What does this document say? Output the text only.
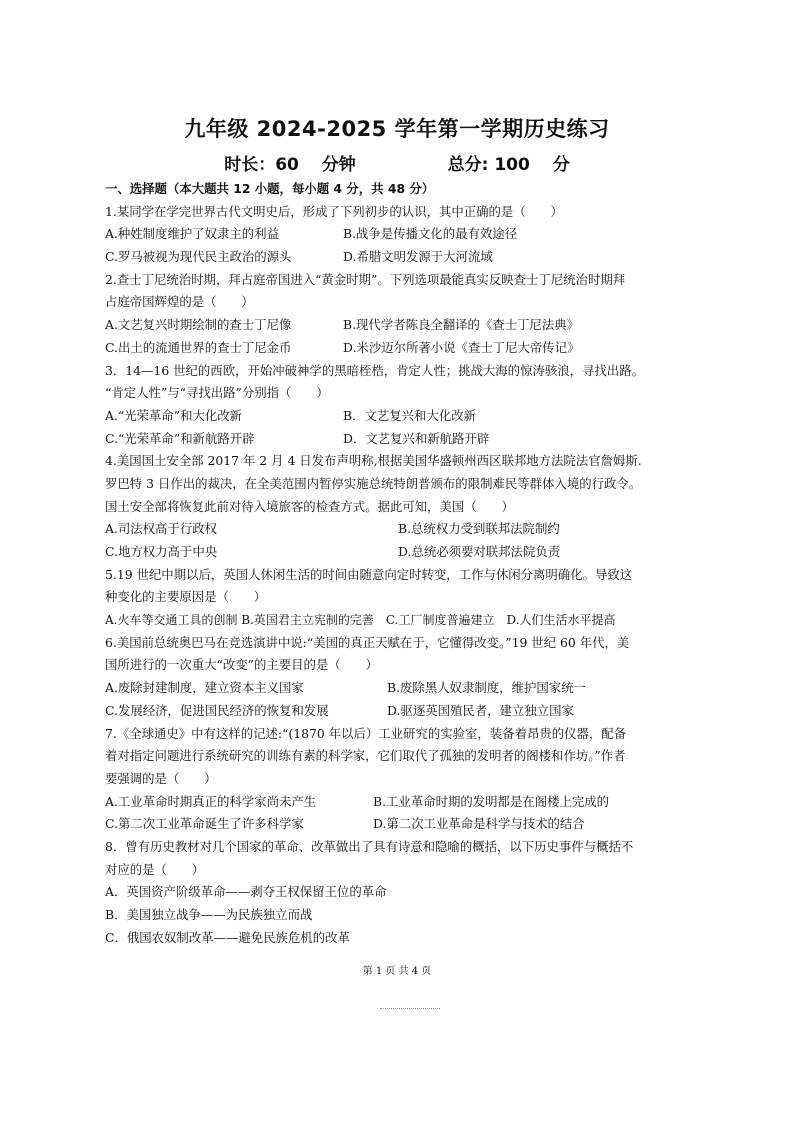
九年级 2024-2025 学年第一学期历史练习
时长：60　 分钟	总分: 100　 分
一、选择题（本大题共 12 小题，每小题 4 分，共 48 分）
1.某同学在学完世界古代文明史后，形成了下列初步的认识，其中正确的是（　　）
A.种姓制度维护了奴隶主的利益	B.战争是传播文化的最有效途径
C.罗马被视为现代民主政治的源头	D.希腊文明发源于大河流域
2.查士丁尼统治时期，拜占庭帝国进入“黄金时期”。下列选项最能真实反映查士丁尼统治时期拜
占庭帝国辉煌的是（　　）
A.文艺复兴时期绘制的查士丁尼像	B.现代学者陈良全翻译的《查士丁尼法典》
C.出土的流通世界的查士丁尼金币	D.米沙迈尔所著小说《查士丁尼大帝传记》
3．14—16 世纪的西欧，开始冲破神学的黑暗桎梏，肯定人性；挑战大海的惊涛骇浪，寻找出路。
“肯定人性”与“寻找出路”分别指（　　）
A.“光荣革命”和大化改新	B．文艺复兴和大化改新
C.“光荣革命”和新航路开辟	D．文艺复兴和新航路开辟
4.美国国土安全部 2017 年 2 月 4 日发布声明称,根据美国华盛顿州西区联邦地方法院法官詹姆斯.
罗巴特 3 日作出的裁决，在全美范围内暂停实施总统特朗普颁布的限制难民等群体入境的行政令。
国土安全部将恢复此前对待入境旅客的检查方式。据此可知，美国（　　）
A.司法权高于行政权	B.总统权力受到联邦法院制约
C.地方权力高于中央	D.总统必须要对联邦法院负责
5.19 世纪中期以后，英国人休闲生活的时间由随意向定时转变，工作与休闲分离明确化。导致这
种变化的主要原因是（　　）
A.火车等交通工具的创制 B.英国君主立宪制的完善　C.工厂制度普遍建立　D.人们生活水平提高
6.美国前总统奥巴马在竞选演讲中说:“美国的真正天赋在于，它懂得改变。”19 世纪 60 年代，美
国所进行的一次重大“改变”的主要目的是（　　）
A.废除封建制度，建立资本主义国家	B.废除黑人奴隶制度，维护国家统一
C.发展经济，促进国民经济的恢复和发展	D.驱逐英国殖民者，建立独立国家
7.《全球通史》中有这样的记述:“(1870 年以后）工业研究的实验室，装备着昂贵的仪器，配备
着对指定问题进行系统研究的训练有素的科学家，它们取代了孤独的发明者的阁楼和作坊。”作者
要强调的是（　　）
A.工业革命时期真正的科学家尚未产生	B.工业革命时期的发明都是在阁楼上完成的
C.第二次工业革命诞生了许多科学家	D.第二次工业革命是科学与技术的结合
8．曾有历史教材对几个国家的革命、改革做出了具有诗意和隐喻的概括，以下历史事件与概括不
对应的是（　　）
A．英国资产阶级革命——剥夺王权保留王位的革命
B．美国独立战争——为民族独立而战
C．俄国农奴制改革——避免民族危机的改革
第 1 页 共 4 页
